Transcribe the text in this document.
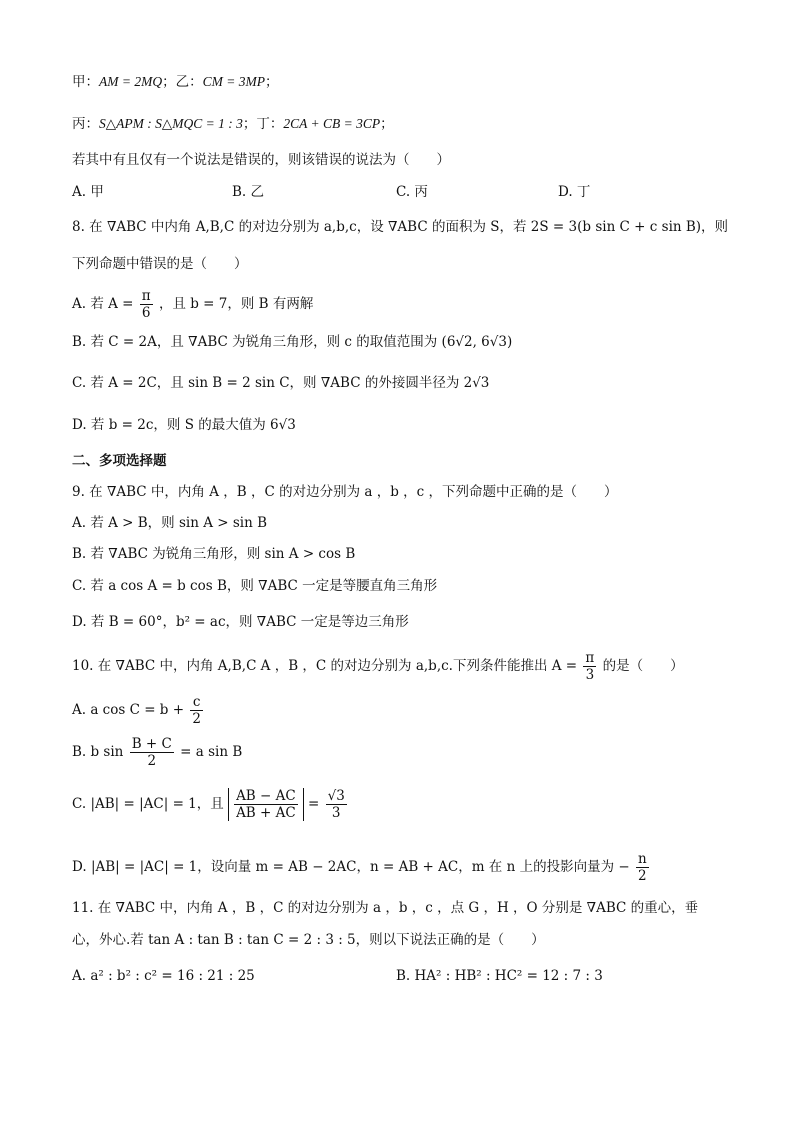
甲：AM = 2MQ；乙：CM = 3MP；
丙：S△APM : S△MQC = 1 : 3；丁：2CA + CB = 3CP；
若其中有且仅有一个说法是错误的，则该错误的说法为（　　）
A. 甲	B. 乙	C. 丙	D. 丁
8. 在 ∇ABC 中内角 A,B,C 的对边分别为 a,b,c，设 ∇ABC 的面积为 S，若 2S = 3(b sin C + c sin B)，则
下列命题中错误的是（　　）
A. 若 $A = \frac{\pi}{6}$ ，且 b = 7，则 B 有两解
B. 若 C = 2A，且 ∇ABC 为锐角三角形，则 c 的取值范围为 (6√2, 6√3)
C. 若 A = 2C，且 sin B = 2 sin C，则 ∇ABC 的外接圆半径为 2√3
D. 若 b = 2c，则 S 的最大值为 6√3
二、多项选择题
9. 在 ∇ABC 中，内角 A ，B ，C 的对边分别为 a ，b ，c ，下列命题中正确的是（　　）
A. 若 A > B，则 sin A > sin B
B. 若 ∇ABC 为锐角三角形，则 sin A > cos B
C. 若 a cos A = b cos B，则 ∇ABC 一定是等腰直角三角形
D. 若 B = 60°，b² = ac，则 ∇ABC 一定是等边三角形
10. 在 ∇ABC 中，内角 A,B,C A ，B ，C 的对边分别为 a,b,c.下列条件能推出 $A = \frac{\pi}{3}$ 的是（　　）
A. a $\cos C = b + \frac{c}{2}$
B. b $\sin \frac{B + C}{2} = a$ sin B
C. |AB| = |AC| = 1，且 $\frac{AB - AC}{AB + AC} = \frac{√3}{3}$
D. |AB| = |AC| = 1，设向量 m = AB − 2AC，n = AB + AC，m 在 n 上的投影向量为 − $\frac{n}{2}$
11. 在 ∇ABC 中，内角 A ，B ，C 的对边分别为 a ，b ，c ，点 G ，H ，O 分别是 ∇ABC 的重心，垂
心，外心.若 tan A : tan B : tan C = 2 : 3 : 5，则以下说法正确的是（　　）
A. a² : b² : c² = 16 : 21 : 25	B. HA² : HB² : HC² = 12 : 7 : 3
